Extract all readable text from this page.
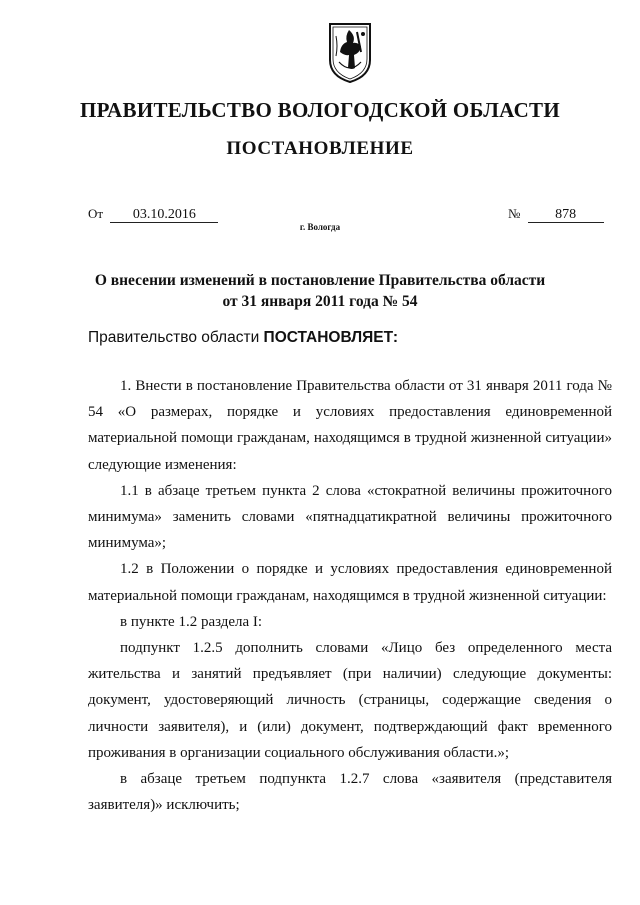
ПРАВИТЕЛЬСТВО ВОЛОГОДСКОЙ ОБЛАСТИ
ПОСТАНОВЛЕНИЕ
От 03.10.2016	№ 878
г. Вологда
О внесении изменений в постановление Правительства области
от 31 января 2011 года № 54
Правительство области ПОСТАНОВЛЯЕТ:

1. Внести в постановление Правительства области от 31 января 2011 года № 54 «О размерах, порядке и условиях предоставления единовременной материальной помощи гражданам, находящимся в трудной жизненной ситуации» следующие изменения:

1.1 в абзаце третьем пункта 2 слова «стократной величины прожиточного минимума» заменить словами «пятнадцатикратной величины прожиточного минимума»;

1.2 в Положении о порядке и условиях предоставления единовременной материальной помощи гражданам, находящимся в трудной жизненной ситуации:

в пункте 1.2 раздела I:

подпункт 1.2.5 дополнить словами «Лицо без определенного места жительства и занятий предъявляет (при наличии) следующие документы: документ, удостоверяющий личность (страницы, содержащие сведения о личности заявителя), и (или) документ, подтверждающий факт временного проживания в организации социального обслуживания области.»;

в абзаце третьем подпункта 1.2.7 слова «заявителя (представителя заявителя)» исключить;
